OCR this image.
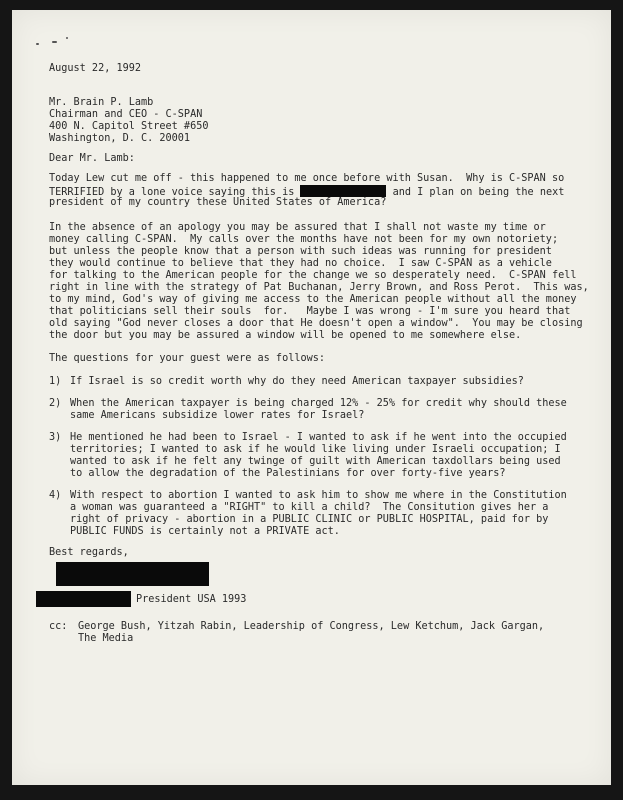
August 22, 1992
Mr. Brain P. Lamb
Chairman and CEO - C-SPAN
400 N. Capitol Street #650
Washington, D. C. 20001
Dear Mr. Lamb:
Today Lew cut me off - this happened to me once before with Susan.  Why is C-SPAN so
TERRIFIED by a lone voice saying this is	and I plan on being the next
president of my country these United States of America?
In the absence of an apology you may be assured that I shall not waste my time or
money calling C-SPAN.  My calls over the months have not been for my own notoriety;
but unless the people know that a person with such ideas was running for president
they would continue to believe that they had no choice.  I saw C-SPAN as a vehicle
for talking to the American people for the change we so desperately need.  C-SPAN fell
right in line with the strategy of Pat Buchanan, Jerry Brown, and Ross Perot.  This was,
to my mind, God's way of giving me access to the American people without all the money
that politicians sell their souls  for.   Maybe I was wrong - I'm sure you heard that
old saying "God never closes a door that He doesn't open a window".  You may be closing
the door but you may be assured a window will be opened to me somewhere else.
The questions for your guest were as follows:
1) If Israel is so credit worth why do they need American taxpayer subsidies?
2) When the American taxpayer is being charged 12% - 25% for credit why should these
same Americans subsidize lower rates for Israel?
3) He mentioned he had been to Israel - I wanted to ask if he went into the occupied
territories; I wanted to ask if he would like living under Israeli occupation; I
wanted to ask if he felt any twinge of guilt with American taxdollars being used
to allow the degradation of the Palestinians for over forty-five years?
4) With respect to abortion I wanted to ask him to show me where in the Constitution
a woman was guaranteed a "RIGHT" to kill a child?  The Consitution gives her a
right of privacy - abortion in a PUBLIC CLINIC or PUBLIC HOSPITAL, paid for by
PUBLIC FUNDS is certainly not a PRIVATE act.
Best regards,
President USA 1993
cc: George Bush, Yitzah Rabin, Leadership of Congress, Lew Ketchum, Jack Gargan,
The Media
